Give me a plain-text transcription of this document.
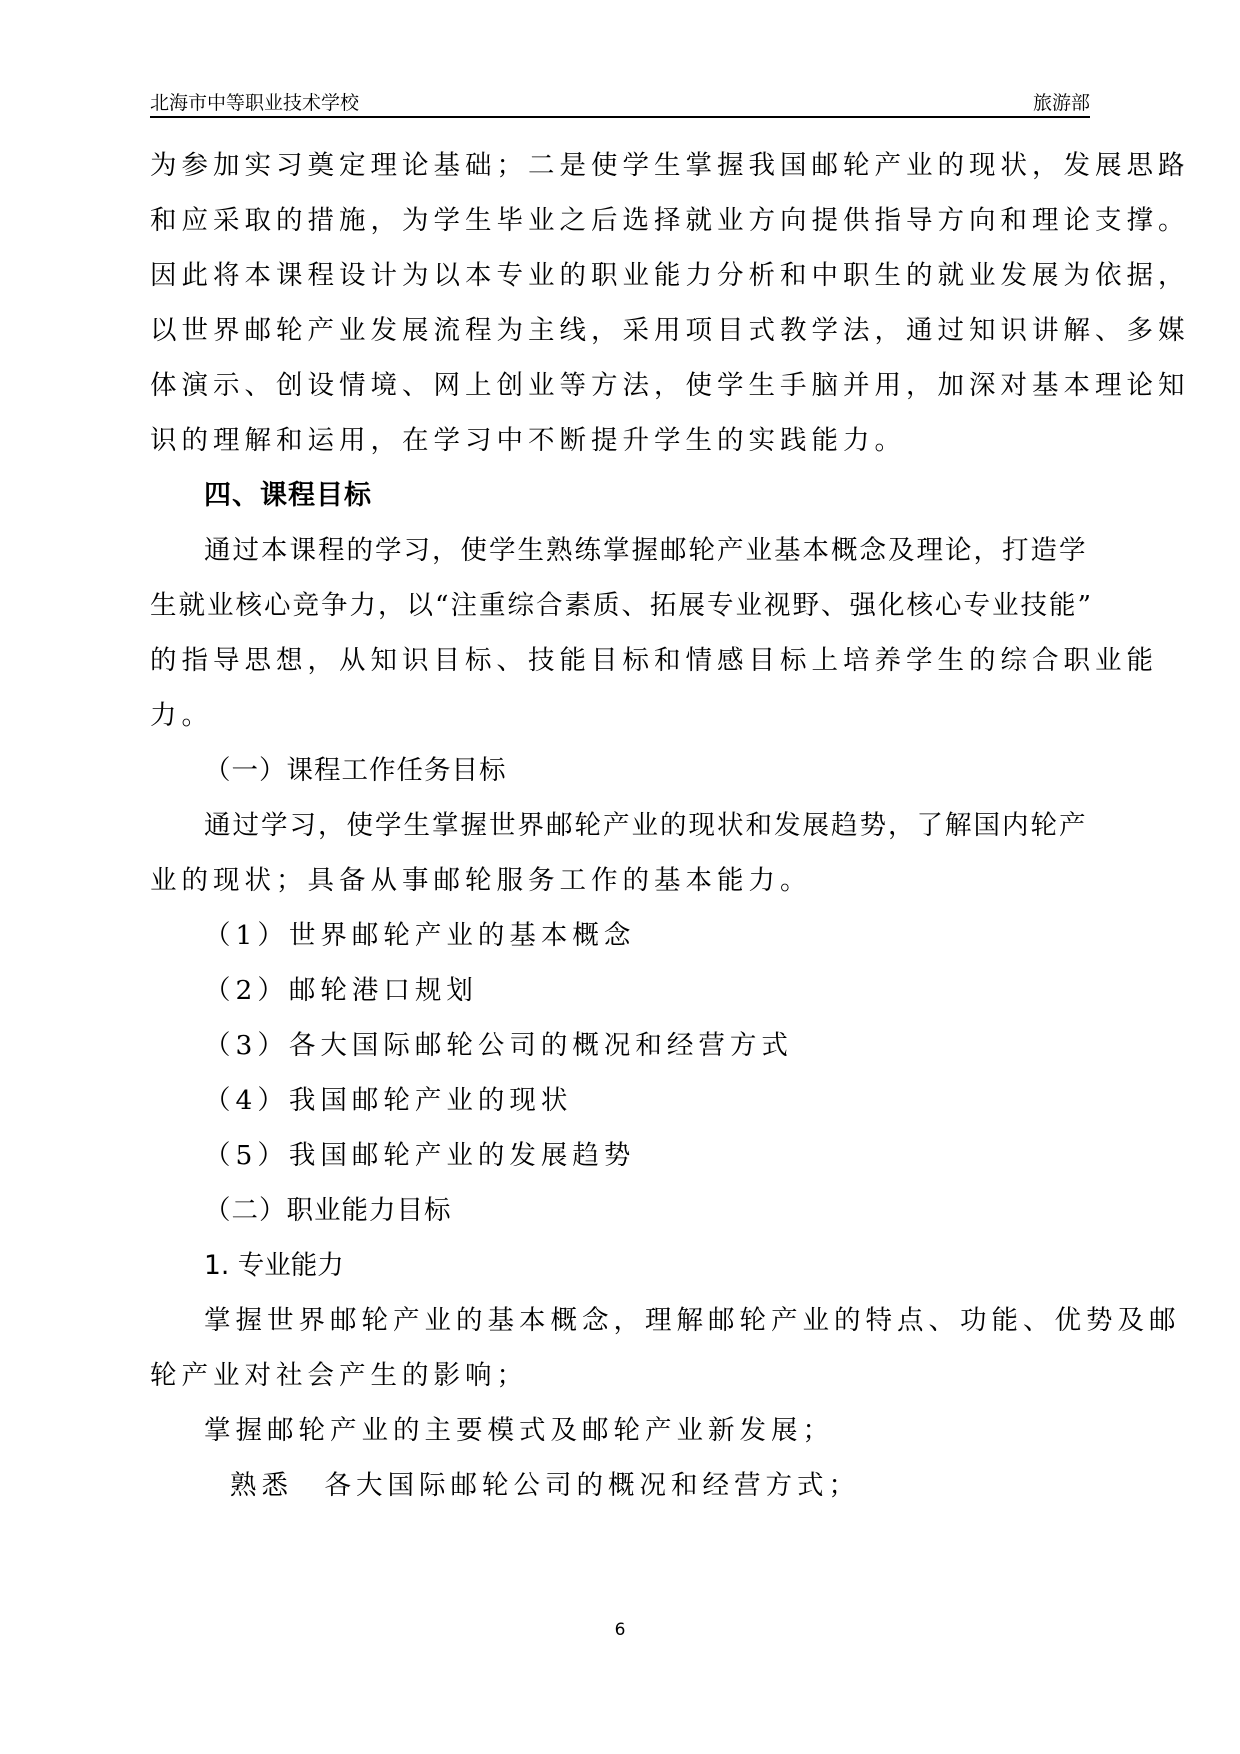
北海市中等职业技术学校	旅游部
为参加实习奠定理论基础；二是使学生掌握我国邮轮产业的现状，发展思路
和应采取的措施，为学生毕业之后选择就业方向提供指导方向和理论支撑。
因此将本课程设计为以本专业的职业能力分析和中职生的就业发展为依据，
以世界邮轮产业发展流程为主线，采用项目式教学法，通过知识讲解、多媒
体演示、创设情境、网上创业等方法，使学生手脑并用，加深对基本理论知
识的理解和运用，在学习中不断提升学生的实践能力。
四、课程目标
通过本课程的学习，使学生熟练掌握邮轮产业基本概念及理论，打造学
生就业核心竞争力，以“注重综合素质、拓展专业视野、强化核心专业技能”
的指导思想，从知识目标、技能目标和情感目标上培养学生的综合职业能
力。
（一）课程工作任务目标
通过学习，使学生掌握世界邮轮产业的现状和发展趋势，了解国内轮产
业的现状；具备从事邮轮服务工作的基本能力。
（1）世界邮轮产业的基本概念
（2）邮轮港口规划
（3）各大国际邮轮公司的概况和经营方式
（4）我国邮轮产业的现状
（5）我国邮轮产业的发展趋势
（二）职业能力目标
1. 专业能力
掌握世界邮轮产业的基本概念，理解邮轮产业的特点、功能、优势及邮
轮产业对社会产生的影响；
掌握邮轮产业的主要模式及邮轮产业新发展；
熟悉　各大国际邮轮公司的概况和经营方式；
6
